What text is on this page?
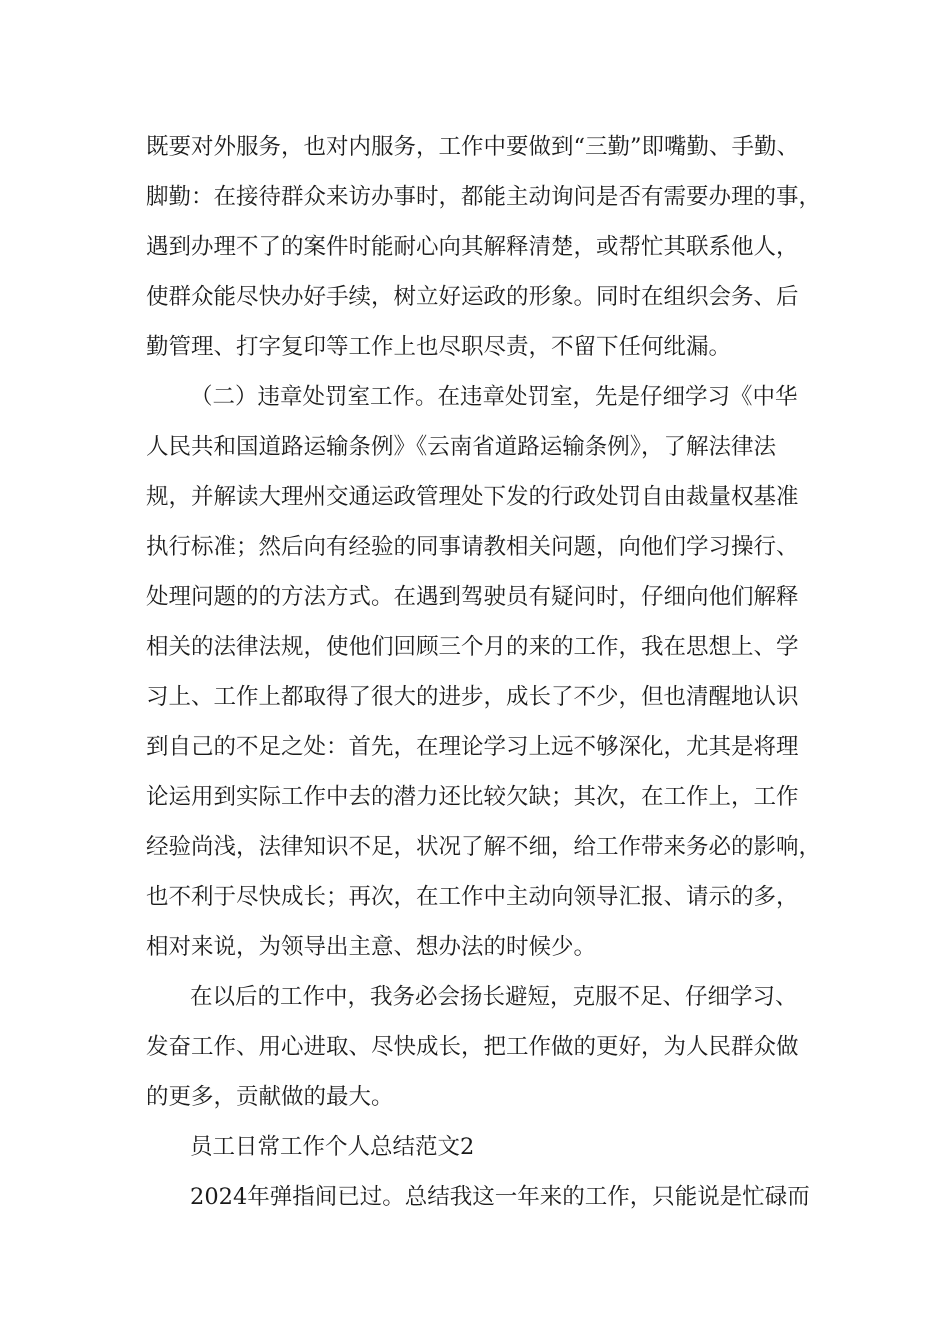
既要对外服务，也对内服务，工作中要做到“三勤”即嘴勤、手勤、
脚勤：在接待群众来访办事时，都能主动询问是否有需要办理的事，
遇到办理不了的案件时能耐心向其解释清楚，或帮忙其联系他人，
使群众能尽快办好手续，树立好运政的形象。同时在组织会务、后
勤管理、打字复印等工作上也尽职尽责，不留下任何纰漏。
（二）违章处罚室工作。在违章处罚室，先是仔细学习《中华
人民共和国道路运输条例》《云南省道路运输条例》，了解法律法
规，并解读大理州交通运政管理处下发的行政处罚自由裁量权基准
执行标准；然后向有经验的同事请教相关问题，向他们学习操行、
处理问题的的方法方式。在遇到驾驶员有疑问时，仔细向他们解释
相关的法律法规，使他们回顾三个月的来的工作，我在思想上、学
习上、工作上都取得了很大的进步，成长了不少，但也清醒地认识
到自己的不足之处：首先，在理论学习上远不够深化，尤其是将理
论运用到实际工作中去的潜力还比较欠缺；其次，在工作上，工作
经验尚浅，法律知识不足，状况了解不细，给工作带来务必的影响，
也不利于尽快成长；再次，在工作中主动向领导汇报、请示的多，
相对来说，为领导出主意、想办法的时候少。
在以后的工作中，我务必会扬长避短，克服不足、仔细学习、
发奋工作、用心进取、尽快成长，把工作做的更好，为人民群众做
的更多，贡献做的最大。
员工日常工作个人总结范文2
2024年弹指间已过。总结我这一年来的工作，只能说是忙碌而
